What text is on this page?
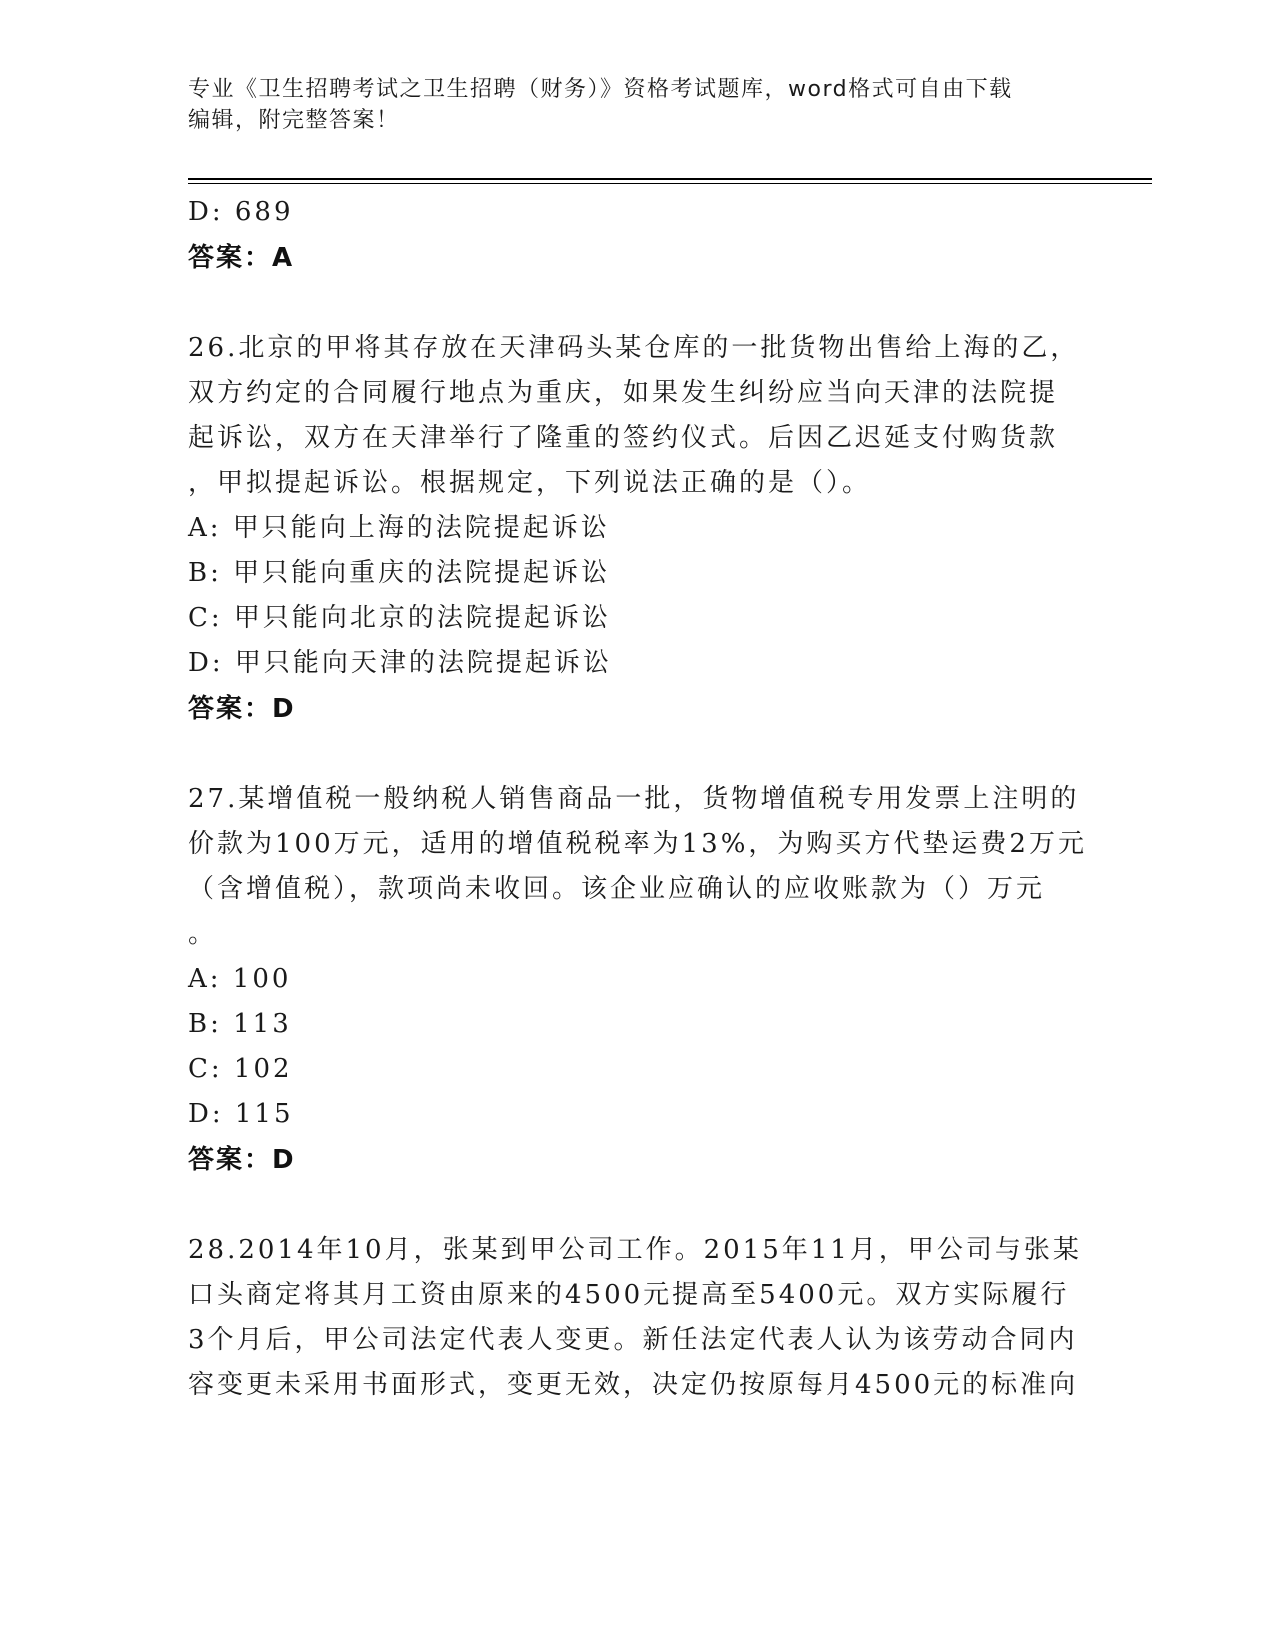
专业《卫生招聘考试之卫生招聘（财务）》资格考试题库，word格式可自由下载
编辑，附完整答案！
D: 689
答案：A
26.北京的甲将其存放在天津码头某仓库的一批货物出售给上海的乙，
双方约定的合同履行地点为重庆，如果发生纠纷应当向天津的法院提
起诉讼，双方在天津举行了隆重的签约仪式。后因乙迟延支付购货款
，甲拟提起诉讼。根据规定，下列说法正确的是（）。
A: 甲只能向上海的法院提起诉讼
B: 甲只能向重庆的法院提起诉讼
C: 甲只能向北京的法院提起诉讼
D: 甲只能向天津的法院提起诉讼
答案：D
27.某增值税一般纳税人销售商品一批，货物增值税专用发票上注明的
价款为100万元，适用的增值税税率为13%，为购买方代垫运费2万元
（含增值税），款项尚未收回。该企业应确认的应收账款为（）万元
。
A: 100
B: 113
C: 102
D: 115
答案：D
28.2014年10月，张某到甲公司工作。2015年11月，甲公司与张某
口头商定将其月工资由原来的4500元提高至5400元。双方实际履行
3个月后，甲公司法定代表人变更。新任法定代表人认为该劳动合同内
容变更未采用书面形式，变更无效，决定仍按原每月4500元的标准向
